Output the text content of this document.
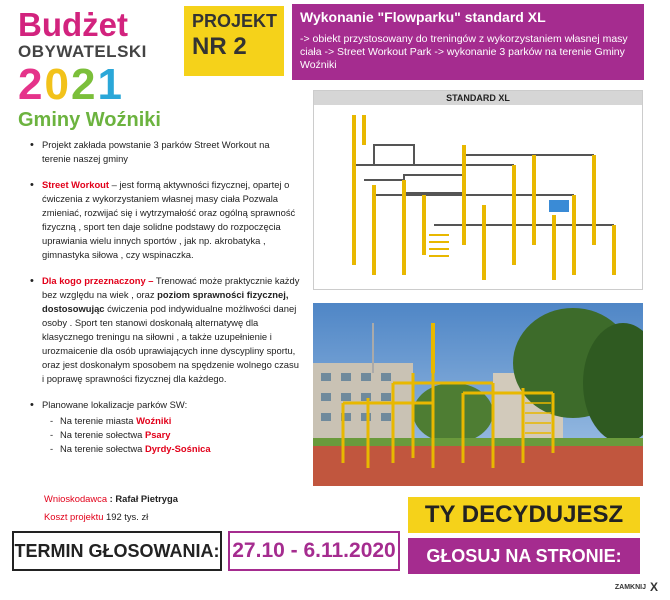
Budżet
OBYWATELSKI
2 0 2 1
Gminy Woźniki
PROJEKT
NR 2
Wykonanie "Flowparku" standard XL
-> obiekt przystosowany do treningów z wykorzystaniem własnej masy ciała -> Street Workout Park -> wykonanie 3 parków na terenie Gminy Woźniki
• Projekt zakłada powstanie 3 parków Street Workout na terenie naszej gminy
• Street Workout – jest formą aktywności fizycznej, opartej o ćwiczenia z wykorzystaniem własnej masy ciała Pozwala zmieniać, rozwijać się i wytrzymałość oraz ogólną sprawność fizyczną , sport ten daje solidne podstawy do rozpoczęcia uprawiania wielu innych sportów , jak np. akrobatyka , gimnastyka siłowa , czy wspinaczka.
• Dla kogo przeznaczony – Trenować może praktycznie każdy bez względu na wiek , oraz poziom sprawności fizycznej, dostosowując ćwiczenia pod indywidualne możliwości danej osoby . Sport ten stanowi doskonałą alternatywę dla klasycznego treningu na siłowni , a także uzupełnienie i urozmaicenie dla osób uprawiających inne dyscypliny sportu, oraz jest doskonałym sposobem na spędzenie wolnego czasu i poprawę sprawności fizycznej dla każdego.
• Planowane lokalizacje parków SW:
- Na terenie miasta Woźniki
- Na terenie sołectwa Psary
- Na terenie sołectwa Dyrdy-Sośnica
Wnioskodawca : Rafał Pietryga
Koszt projektu 192 tys. zł
STANDARD XL
TERMIN GŁOSOWANIA: 27.10 - 6.11.2020
TY DECYDUJESZ
GŁOSUJ NA STRONIE:
ZAMKNIJ X
